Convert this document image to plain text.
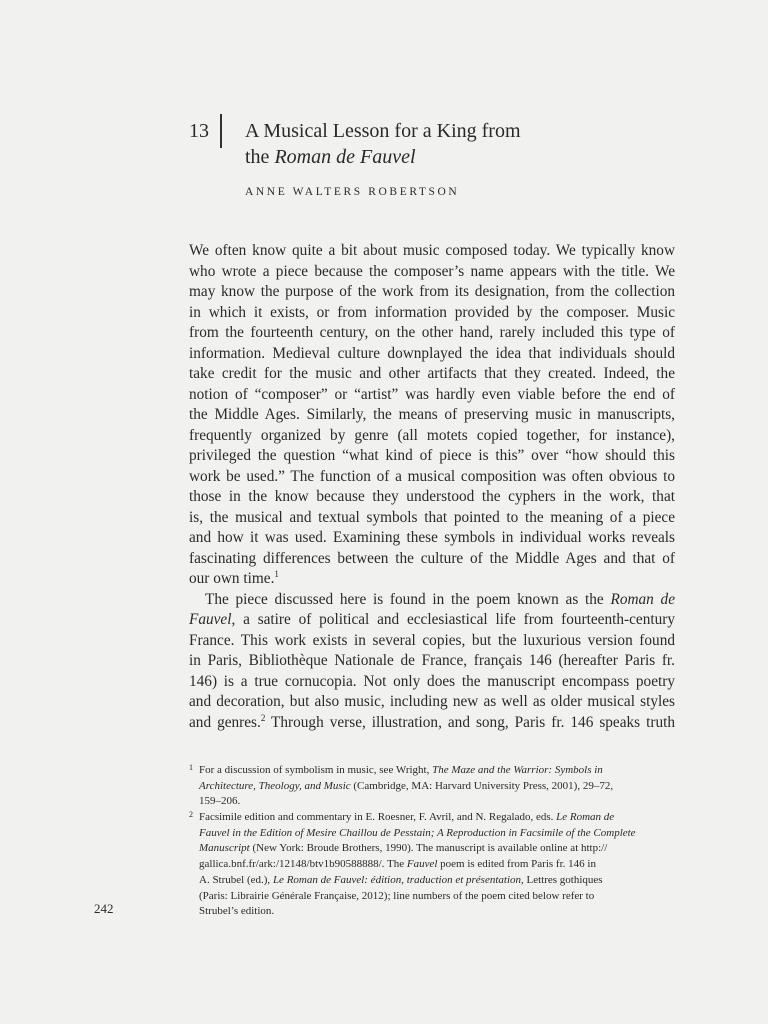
13 A Musical Lesson for a King from
the Roman de Fauvel
ANNE WALTERS ROBERTSON
We often know quite a bit about music composed today. We typically know
who wrote a piece because the composer’s name appears with the title. We
may know the purpose of the work from its designation, from the collection
in which it exists, or from information provided by the composer. Music
from the fourteenth century, on the other hand, rarely included this type of
information. Medieval culture downplayed the idea that individuals should
take credit for the music and other artifacts that they created. Indeed, the
notion of “composer” or “artist” was hardly even viable before the end of
the Middle Ages. Similarly, the means of preserving music in manuscripts,
frequently organized by genre (all motets copied together, for instance),
privileged the question “what kind of piece is this” over “how should this
work be used.” The function of a musical composition was often obvious to
those in the know because they understood the cyphers in the work, that
is, the musical and textual symbols that pointed to the meaning of a piece
and how it was used. Examining these symbols in individual works reveals
fascinating differences between the culture of the Middle Ages and that of
our own time.$^1$
The piece discussed here is found in the poem known as the Roman de
Fauvel, a satire of political and ecclesiastical life from fourteenth-century
France. This work exists in several copies, but the luxurious version found
in Paris, Bibliothèque Nationale de France, français 146 (hereafter Paris fr.
146) is a true cornucopia. Not only does the manuscript encompass poetry
and decoration, but also music, including new as well as older musical styles
and genres.$^2$ Through verse, illustration, and song, Paris fr. 146 speaks truth
1 For a discussion of symbolism in music, see Wright, The Maze and the Warrior: Symbols in
Architecture, Theology, and Music (Cambridge, MA: Harvard University Press, 2001), 29–72,
159–206.
2 Facsimile edition and commentary in E. Roesner, F. Avril, and N. Regalado, eds. Le Roman de
Fauvel in the Edition of Mesire Chaillou de Pesstain; A Reproduction in Facsimile of the Complete
Manuscript (New York: Broude Brothers, 1990). The manuscript is available online at http://
gallica.bnf.fr/ark:/12148/btv1b90588888/. The Fauvel poem is edited from Paris fr. 146 in
A. Strubel (ed.), Le Roman de Fauvel: édition, traduction et présentation, Lettres gothiques
(Paris: Librairie Générale Française, 2012); line numbers of the poem cited below refer to
Strubel’s edition.
242
